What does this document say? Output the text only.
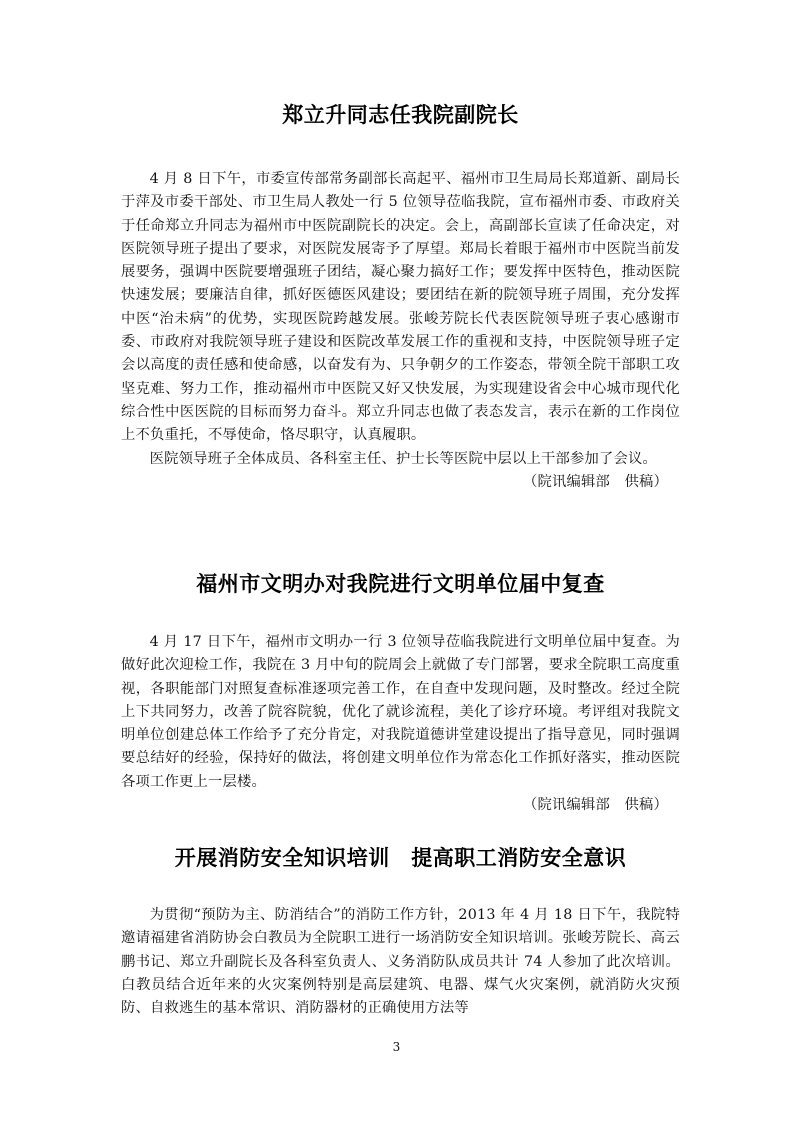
郑立升同志任我院副院长

4 月 8 日下午，市委宣传部常务副部长高起平、福州市卫生局局长郑道新、副局长于萍及市委干部处、市卫生局人教处一行 5 位领导莅临我院，宣布福州市委、市政府关于任命郑立升同志为福州市中医院副院长的决定。会上，高副部长宣读了任命决定，对医院领导班子提出了要求，对医院发展寄予了厚望。郑局长着眼于福州市中医院当前发展要务，强调中医院要增强班子团结，凝心聚力搞好工作；要发挥中医特色，推动医院快速发展；要廉洁自律，抓好医德医风建设；要团结在新的院领导班子周围，充分发挥中医“治未病”的优势，实现医院跨越发展。张峻芳院长代表医院领导班子衷心感谢市委、市政府对我院领导班子建设和医院改革发展工作的重视和支持，中医院领导班子定会以高度的责任感和使命感，以奋发有为、只争朝夕的工作姿态，带领全院干部职工攻坚克难、努力工作，推动福州市中医院又好又快发展，为实现建设省会中心城市现代化综合性中医医院的目标而努力奋斗。郑立升同志也做了表态发言，表示在新的工作岗位上不负重托，不辱使命，恪尽职守，认真履职。

医院领导班子全体成员、各科室主任、护士长等医院中层以上干部参加了会议。

（院讯编辑部　供稿）
福州市文明办对我院进行文明单位届中复查

4 月 17 日下午，福州市文明办一行 3 位领导莅临我院进行文明单位届中复查。为做好此次迎检工作，我院在 3 月中旬的院周会上就做了专门部署，要求全院职工高度重视，各职能部门对照复查标准逐项完善工作，在自查中发现问题，及时整改。经过全院上下共同努力，改善了院容院貌，优化了就诊流程，美化了诊疗环境。考评组对我院文明单位创建总体工作给予了充分肯定，对我院道德讲堂建设提出了指导意见，同时强调要总结好的经验，保持好的做法，将创建文明单位作为常态化工作抓好落实，推动医院各项工作更上一层楼。

（院讯编辑部　供稿）
开展消防安全知识培训　提高职工消防安全意识

为贯彻“预防为主、防消结合”的消防工作方针，2013 年 4 月 18 日下午，我院特邀请福建省消防协会白教员为全院职工进行一场消防安全知识培训。张峻芳院长、高云鹏书记、郑立升副院长及各科室负责人、义务消防队成员共计 74 人参加了此次培训。白教员结合近年来的火灾案例特别是高层建筑、电器、煤气火灾案例，就消防火灾预防、自救逃生的基本常识、消防器材的正确使用方法等

3
